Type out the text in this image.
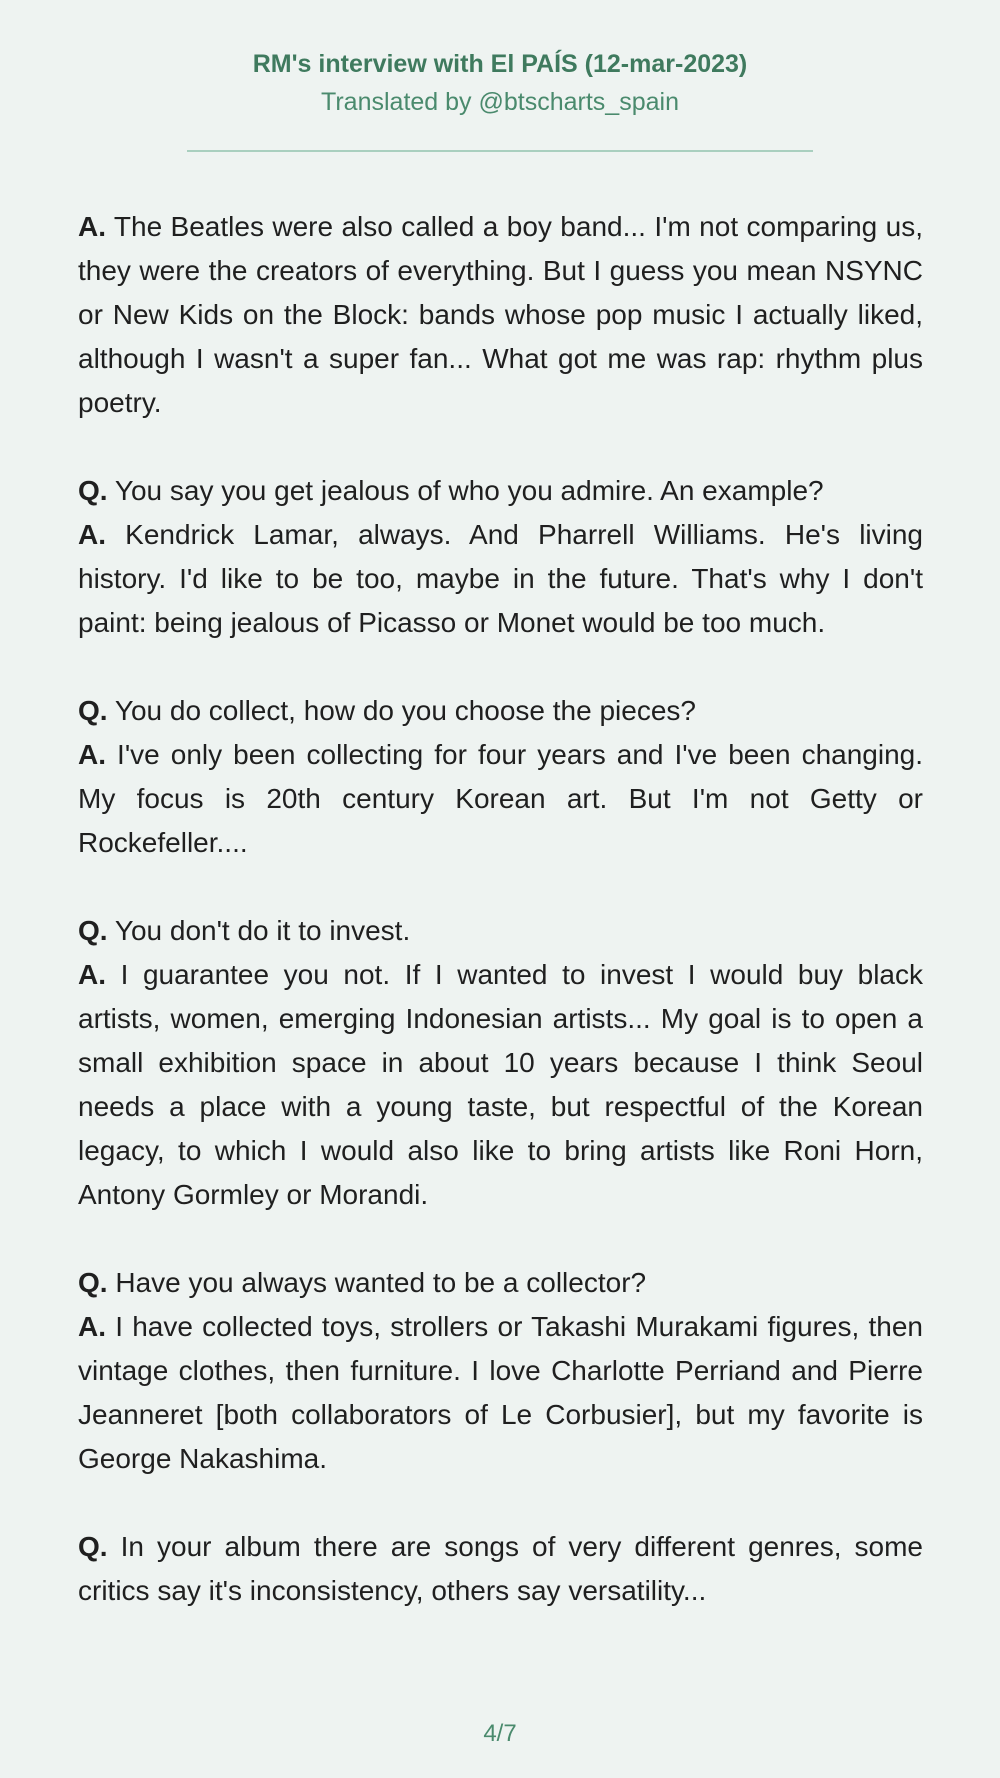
RM's interview with El PAÍS (12-mar-2023)
Translated by @btscharts_spain

A. The Beatles were also called a boy band... I'm not comparing us, they were the creators of everything. But I guess you mean NSYNC or New Kids on the Block: bands whose pop music I actually liked, although I wasn't a super fan... What got me was rap: rhythm plus poetry.

Q. You say you get jealous of who you admire. An example?

A. Kendrick Lamar, always. And Pharrell Williams. He's living history. I'd like to be too, maybe in the future. That's why I don't paint: being jealous of Picasso or Monet would be too much.

Q. You do collect, how do you choose the pieces?

A. I've only been collecting for four years and I've been changing. My focus is 20th century Korean art. But I'm not Getty or Rockefeller....

Q. You don't do it to invest.

A. I guarantee you not. If I wanted to invest I would buy black artists, women, emerging Indonesian artists... My goal is to open a small exhibition space in about 10 years because I think Seoul needs a place with a young taste, but respectful of the Korean legacy, to which I would also like to bring artists like Roni Horn, Antony Gormley or Morandi.

Q. Have you always wanted to be a collector?

A. I have collected toys, strollers or Takashi Murakami figures, then vintage clothes, then furniture. I love Charlotte Perriand and Pierre Jeanneret [both collaborators of Le Corbusier], but my favorite is George Nakashima.

Q. In your album there are songs of very different genres, some critics say it's inconsistency, others say versatility...

4/7
